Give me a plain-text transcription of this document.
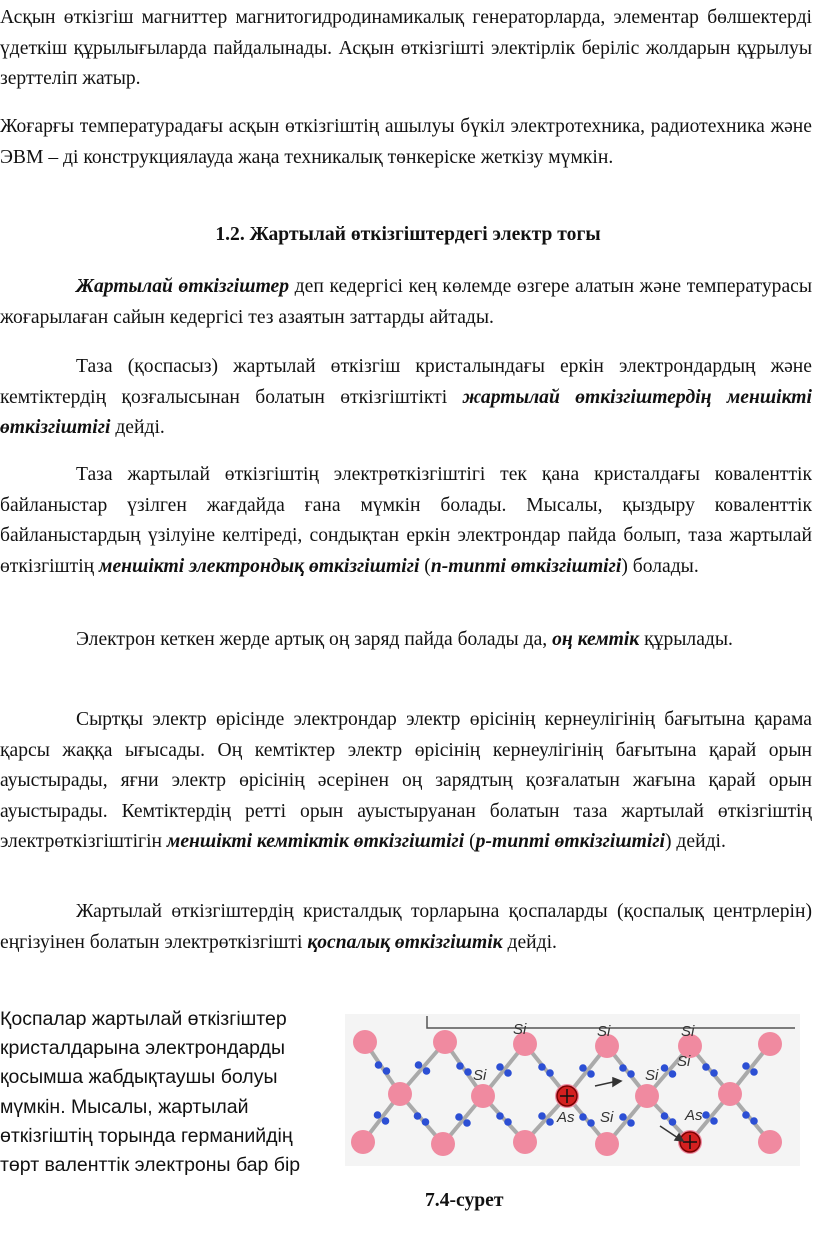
Асқын өткізгіш магниттер магнитогидродинамикалық генераторларда, элементар бөлшектерді үдеткіш құрылығыларда пайдалынады. Асқын өткізгішті электірлік беріліс жолдарын құрылуы зерттеліп жатыр.

Жоғарғы температурадағы асқын өткізгіштің ашылуы бүкіл электротехника, радиотехника және ЭВМ – ді конструкциялауда жаңа техникалық төнкеріске жеткізу мүмкін.

1.2. Жартылай өткізгіштердегі электр тогы

Жартылай өткізгіштер деп кедергісі кең көлемде өзгере алатын және температурасы жоғарылаған сайын кедергісі тез азаятын заттарды айтады.

Таза (қоспасыз) жартылай өткізгіш кристалындағы еркін электрондардың және кемтіктердің қозғалысынан болатын өткізгіштікті жартылай өткізгіштердің меншікті өткізгіштігі дейді.

Таза жартылай өткізгіштің электрөткізгіштігі тек қана кристалдағы коваленттік байланыстар үзілген жағдайда ғана мүмкін болады. Мысалы, қыздыру коваленттік байланыстардың үзілуіне келтіреді, сондықтан еркін электрондар пайда болып, таза жартылай өткізгіштің меншікті электрондық өткізгіштігі (n-типті өткізгіштігі) болады.

Электрон кеткен жерде артық оң заряд пайда болады да, оң кемтік құрылады.

Сыртқы электр өрісінде электрондар электр өрісінің кернеулігінің бағытына қарама қарсы жаққа ығысады. Оң кемтіктер электр өрісінің кернеулігінің бағытына қарай орын ауыстырады, яғни электр өрісінің әсерінен оң зарядтың қозғалатын жағына қарай орын ауыстырады. Кемтіктердің ретті орын ауыстыруанан болатын таза жартылай өткізгіштің электрөткізгіштігін меншікті кемтіктік өткізгіштігі (р-типті өткізгіштігі) дейді.

Жартылай өткізгіштердің кристалдық торларына қоспаларды (қоспалық центрлерін) еңгізуінен болатын электрөткізгішті қоспалық өткізгіштік дейді.

Қоспалар жартылай өткізгіштер кристалдарына электрондарды қосымша жабдықтаушы болуы мүмкін. Мысалы, жартылай өткізгіштің торында германийдің төрт валенттік электроны бар бір
Si	Si	Si
Si	Si
Si
As	As
Si
7.4-сурет
